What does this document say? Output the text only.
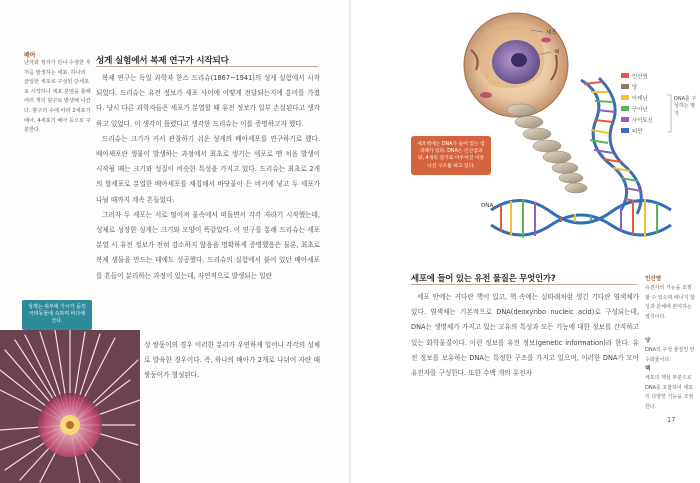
배아
난자와 정자가 만나 수정한 후 처음 발생하는 세포. 하나의 균일한 세포로 구성된 단세포로 시작하나 세포 분열을 통해 여러 개의 할구로 발생해 나간다. 할구의 수에 따라 2세포기 배아, 4세포기 배아 등으로 구분한다.
성게 실험에서 복제 연구가 시작되다

복제 연구는 독일 과학자 한스 드리슈(1867~1941)의 성게 실험에서 시작되었다. 드리슈는 유전 정보가 세포 사이에 어떻게 전달되는지에 흥미를 가졌다. 당시 다른 과학자들은 세포가 분열할 때 유전 정보가 일부 손실된다고 생각하고 있었다. 이 생각이 틀렸다고 생각한 드리슈는 이를 증명하고자 했다.

드리슈는 크기가 커서 관찰하기 쉬운 성게의 배아세포를 연구하기로 했다. 배아세포란 생물이 발생하는 과정에서 최초로 생기는 세포로 맨 처음 발생이 시작될 때는 크기와 성질이 비슷한 특성을 가지고 있다. 드리슈는 최초로 2개의 할세포로 분열한 배아세포를 채집해서 바닷물이 든 비커에 넣고 두 세포가 나뉠 때까지 계속 흔들었다.

그러자 두 세포는 서로 떨어져 물속에서 떠돌면서 각각 자라기 시작했는데, 성체로 성장한 성게는 크기와 모양이 똑같았다. 이 연구를 통해 드리슈는 세포 분열 시 유전 정보가 전혀 감소하지 않음을 명확하게 증명했음은 물론, 최초로 복제 생물을 만드는 데에도 성공했다. 드리슈의 실험에서 붙어 있던 배아세포를 흔들어 분리하는 과정이 있는데, 자연적으로 발생되는 일란

성 쌍둥이의 경우 이러한 분리가 우연하게 일어나 각각의 성체로 발육한 경우이다. 즉, 하나의 배아가 2개로 나뉘어 자란 때 쌍둥이가 형성된다.
성게는 피부에 가시가 돋친 극피동물에 속하며 바다에 산다.
세포
핵
인산염
당
아데닌
구아닌
사이토신
티민
DNA를 구성하는 염기
세포핵에는 DNA가 들어 있는 염색체가 있다. DNA는 인산염과 당, 4개의 염기로 이루어진 이중 나선 구조를 하고 있다.
DNA
세포에 들어 있는 유전 물질은 무엇인가?

세포 안에는 커다란 핵이 있고, 핵 속에는 실타래처럼 생긴 기다란 염색체가 있다. 염색체는 기본적으로 DNA(deoxyribo nucleic acid)로 구성되는데, DNA는 생명체가 가지고 있는 고유의 특성과 모든 기능에 대한 정보를 간직하고 있는 화학물질이다. 이런 정보를 유전 정보(genetic information)라 한다. 유전 정보를 보유하는 DNA는 특정한 구조를 가지고 있으며, 이러한 DNA가 모여 유전자를 구성한다. 또한 수백 개의 유전자

인산염
유전자의 기능을 조절할 수 있으며 에너지 합성과 분해에 관여하는 염기이다.
당
DNA의 구성 물질인 탄수화물이다.
핵
세포의 핵심 부분으로 DNA를 포함하여 세포의 다양한 기능을 조절한다.
17
